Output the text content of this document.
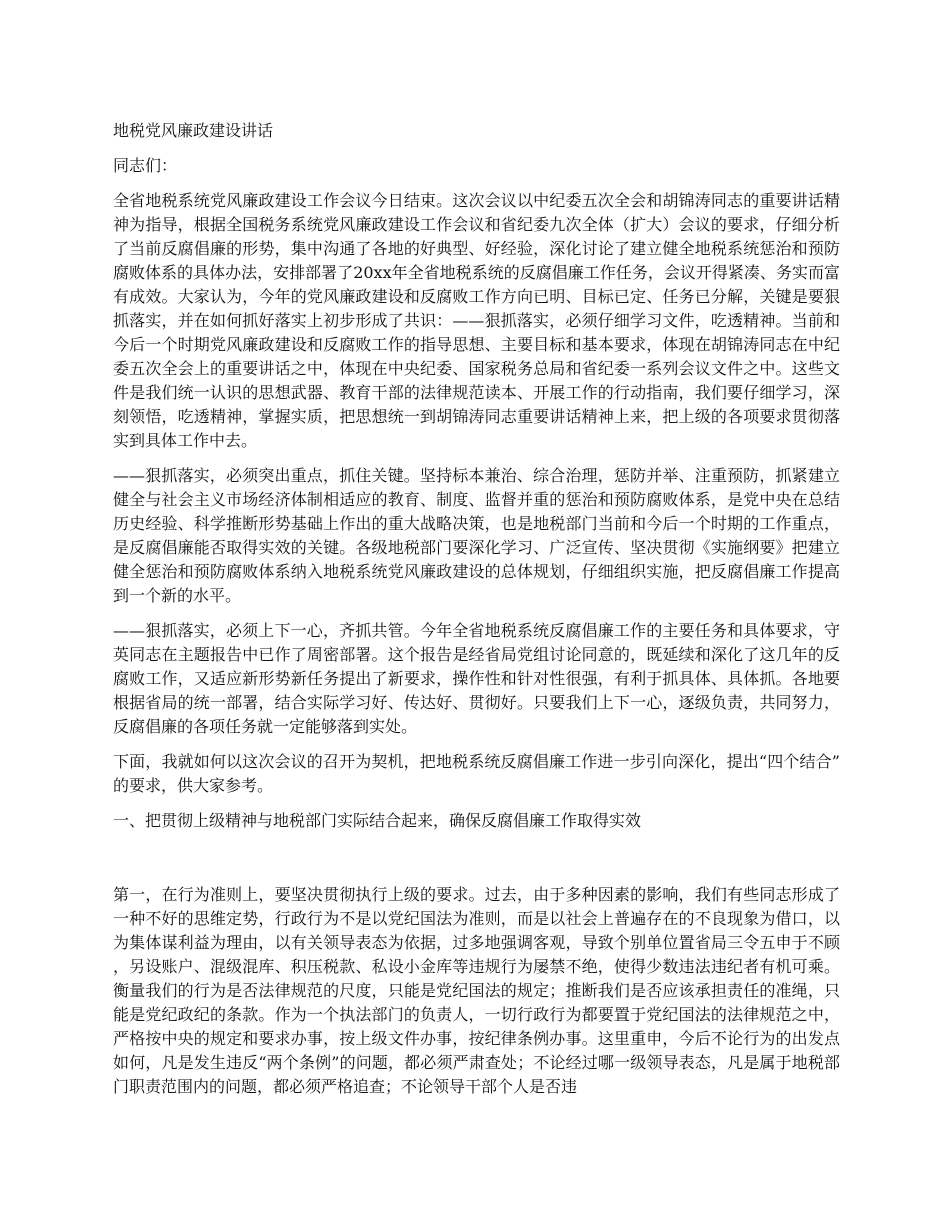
地税党风廉政建设讲话

同志们：

全省地税系统党风廉政建设工作会议今日结束。这次会议以中纪委五次全会和胡锦涛同志的重要讲话精神为指导，根据全国税务系统党风廉政建设工作会议和省纪委九次全体（扩大）会议的要求，仔细分析了当前反腐倡廉的形势，集中沟通了各地的好典型、好经验，深化讨论了建立健全地税系统惩治和预防腐败体系的具体办法，安排部署了20xx年全省地税系统的反腐倡廉工作任务，会议开得紧凑、务实而富有成效。大家认为，今年的党风廉政建设和反腐败工作方向已明、目标已定、任务已分解，关键是要狠抓落实，并在如何抓好落实上初步形成了共识：——狠抓落实，必须仔细学习文件，吃透精神。当前和今后一个时期党风廉政建设和反腐败工作的指导思想、主要目标和基本要求，体现在胡锦涛同志在中纪委五次全会上的重要讲话之中，体现在中央纪委、国家税务总局和省纪委一系列会议文件之中。这些文件是我们统一认识的思想武器、教育干部的法律规范读本、开展工作的行动指南，我们要仔细学习，深刻领悟，吃透精神，掌握实质，把思想统一到胡锦涛同志重要讲话精神上来，把上级的各项要求贯彻落实到具体工作中去。

——狠抓落实，必须突出重点，抓住关键。坚持标本兼治、综合治理，惩防并举、注重预防，抓紧建立健全与社会主义市场经济体制相适应的教育、制度、监督并重的惩治和预防腐败体系，是党中央在总结历史经验、科学推断形势基础上作出的重大战略决策，也是地税部门当前和今后一个时期的工作重点，是反腐倡廉能否取得实效的关键。各级地税部门要深化学习、广泛宣传、坚决贯彻《实施纲要》把建立健全惩治和预防腐败体系纳入地税系统党风廉政建设的总体规划，仔细组织实施，把反腐倡廉工作提高到一个新的水平。

——狠抓落实，必须上下一心，齐抓共管。今年全省地税系统反腐倡廉工作的主要任务和具体要求，守英同志在主题报告中已作了周密部署。这个报告是经省局党组讨论同意的，既延续和深化了这几年的反腐败工作，又适应新形势新任务提出了新要求，操作性和针对性很强，有利于抓具体、具体抓。各地要根据省局的统一部署，结合实际学习好、传达好、贯彻好。只要我们上下一心，逐级负责，共同努力，反腐倡廉的各项任务就一定能够落到实处。

下面，我就如何以这次会议的召开为契机，把地税系统反腐倡廉工作进一步引向深化，提出“四个结合”的要求，供大家参考。

一、把贯彻上级精神与地税部门实际结合起来，确保反腐倡廉工作取得实效

第一，在行为准则上，要坚决贯彻执行上级的要求。过去，由于多种因素的影响，我们有些同志形成了一种不好的思维定势，行政行为不是以党纪国法为准则，而是以社会上普遍存在的不良现象为借口，以为集体谋利益为理由，以有关领导表态为依据，过多地强调客观，导致个别单位置省局三令五申于不顾，另设账户、混级混库、积压税款、私设小金库等违规行为屡禁不绝，使得少数违法违纪者有机可乘。衡量我们的行为是否法律规范的尺度，只能是党纪国法的规定；推断我们是否应该承担责任的准绳，只能是党纪政纪的条款。作为一个执法部门的负责人，一切行政行为都要置于党纪国法的法律规范之中，严格按中央的规定和要求办事，按上级文件办事，按纪律条例办事。这里重申，今后不论行为的出发点如何，凡是发生违反“两个条例”的问题，都必须严肃查处；不论经过哪一级领导表态，凡是属于地税部门职责范围内的问题，都必须严格追查；不论领导干部个人是否违
